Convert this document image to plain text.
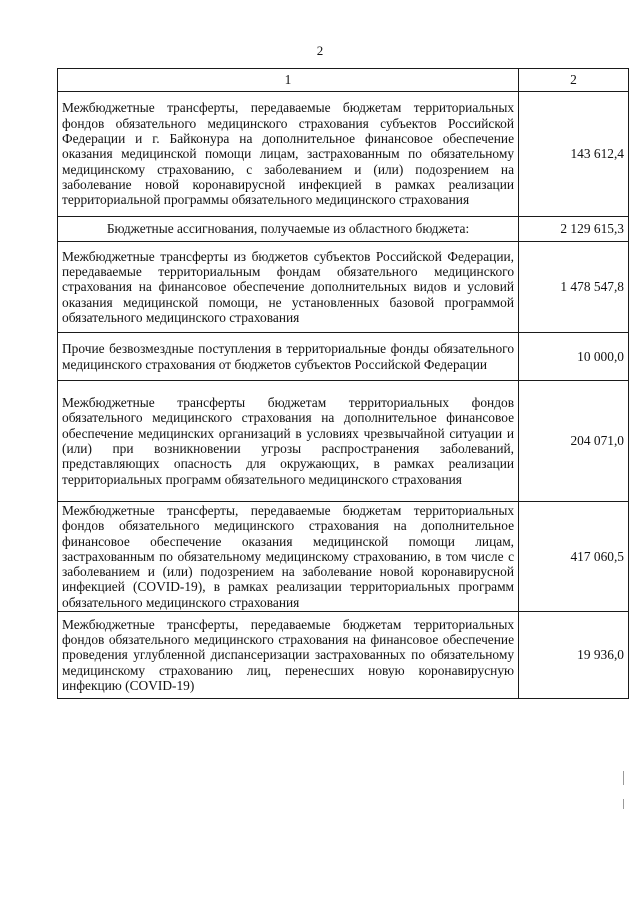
2
1	2
Межбюджетные трансферты, передаваемые бюджетам территориальных фондов обязательного медицинского страхования субъектов Российской Федерации и г. Байконура на дополнительное финансовое обеспечение оказания медицинской помощи лицам, застрахованным по обязательному медицинскому страхованию, с заболеванием и (или) подозрением на заболевание новой коронавирусной инфекцией в рамках реализации территориальной программы обязательного медицинского страхования	143 612,4
Бюджетные ассигнования, получаемые из областного бюджета:	2 129 615,3
Межбюджетные трансферты из бюджетов субъектов Российской Федерации, передаваемые территориальным фондам обязательного медицинского страхования на финансовое обеспечение дополнительных видов и условий оказания медицинской помощи, не установленных базовой программой обязательного медицинского страхования	1 478 547,8
Прочие безвозмездные поступления в территориальные фонды обязательного медицинского страхования от бюджетов субъектов Российской Федерации	10 000,0
Межбюджетные трансферты бюджетам территориальных фондов обязательного медицинского страхования на дополнительное финансовое обеспечение медицинских организаций в условиях чрезвычайной ситуации и (или) при возникновении угрозы распространения заболеваний, представляющих опасность для окружающих, в рамках реализации территориальных программ обязательного медицинского страхования	204 071,0
Межбюджетные трансферты, передаваемые бюджетам территориальных фондов обязательного медицинского страхования на дополнительное финансовое обеспечение оказания медицинской помощи лицам, застрахованным по обязательному медицинскому страхованию, в том числе с заболеванием и (или) подозрением на заболевание новой коронавирусной инфекцией (COVID-19), в рамках реализации территориальных программ обязательного медицинского страхования	417 060,5
Межбюджетные трансферты, передаваемые бюджетам территориальных фондов обязательного медицинского страхования на финансовое обеспечение проведения углубленной диспансеризации застрахованных по обязательному медицинскому страхованию лиц, перенесших новую коронавирусную инфекцию (COVID-19)	19 936,0
